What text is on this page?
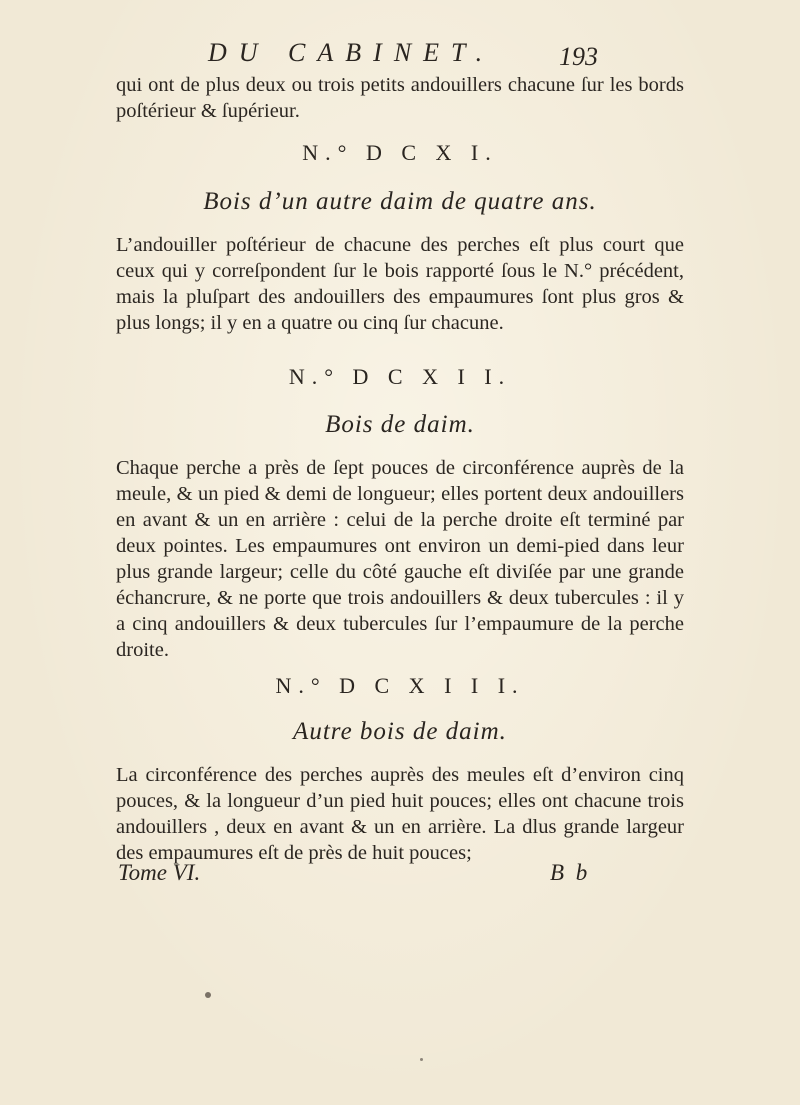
DU CABINET. 193

qui ont de plus deux ou trois petits andouillers chacune ſur les bords poſtérieur & ſupérieur.

N.° D C X I.
Bois d’un autre daim de quatre ans.

L’andouiller poſtérieur de chacune des perches eſt plus court que ceux qui y correſpondent ſur le bois rapporté ſous le N.° précédent, mais la pluſpart des andouillers des empaumures ſont plus gros & plus longs; il y en a quatre ou cinq ſur chacune.

N.° D C X I I.
Bois de daim.

Chaque perche a près de ſept pouces de circonférence auprès de la meule, & un pied & demi de longueur; elles portent deux andouillers en avant & un en arrière : celui de la perche droite eſt terminé par deux pointes. Les empaumures ont environ un demi-pied dans leur plus grande largeur; celle du côté gauche eſt diviſée par une grande échancrure, & ne porte que trois andouillers & deux tubercules : il y a cinq andouillers & deux tubercules ſur l’empaumure de la perche droite.

N.° D C X I I I.
Autre bois de daim.

La circonférence des perches auprès des meules eſt d’environ cinq pouces, & la longueur d’un pied huit pouces; elles ont chacune trois andouillers , deux en avant & un en arrière. La dlus grande largeur des empaumures eſt de près de huit pouces;

Tome VI.	B b
